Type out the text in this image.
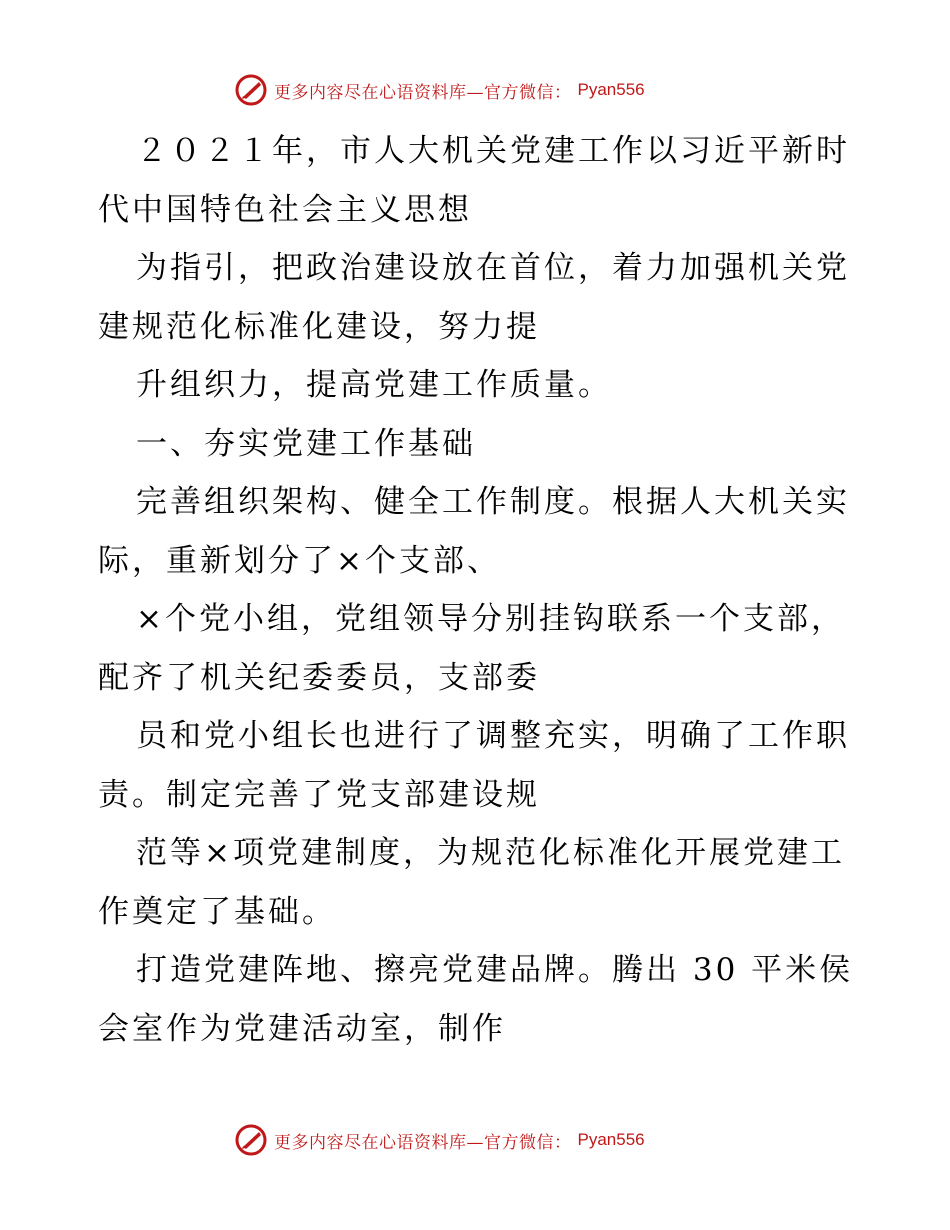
更多内容尽在心语资料库—官方微信： Pyan556
２０２１年，市人大机关党建工作以习近平新时
代中国特色社会主义思想
为指引，把政治建设放在首位，着力加强机关党
建规范化标准化建设，努力提
升组织力，提高党建工作质量。
一、夯实党建工作基础
完善组织架构、健全工作制度。根据人大机关实
际，重新划分了×个支部、
×个党小组，党组领导分别挂钩联系一个支部，
配齐了机关纪委委员，支部委
员和党小组长也进行了调整充实，明确了工作职
责。制定完善了党支部建设规
范等×项党建制度，为规范化标准化开展党建工
作奠定了基础。
打造党建阵地、擦亮党建品牌。腾出 30 平米侯
会室作为党建活动室，制作
更多内容尽在心语资料库—官方微信： Pyan556
